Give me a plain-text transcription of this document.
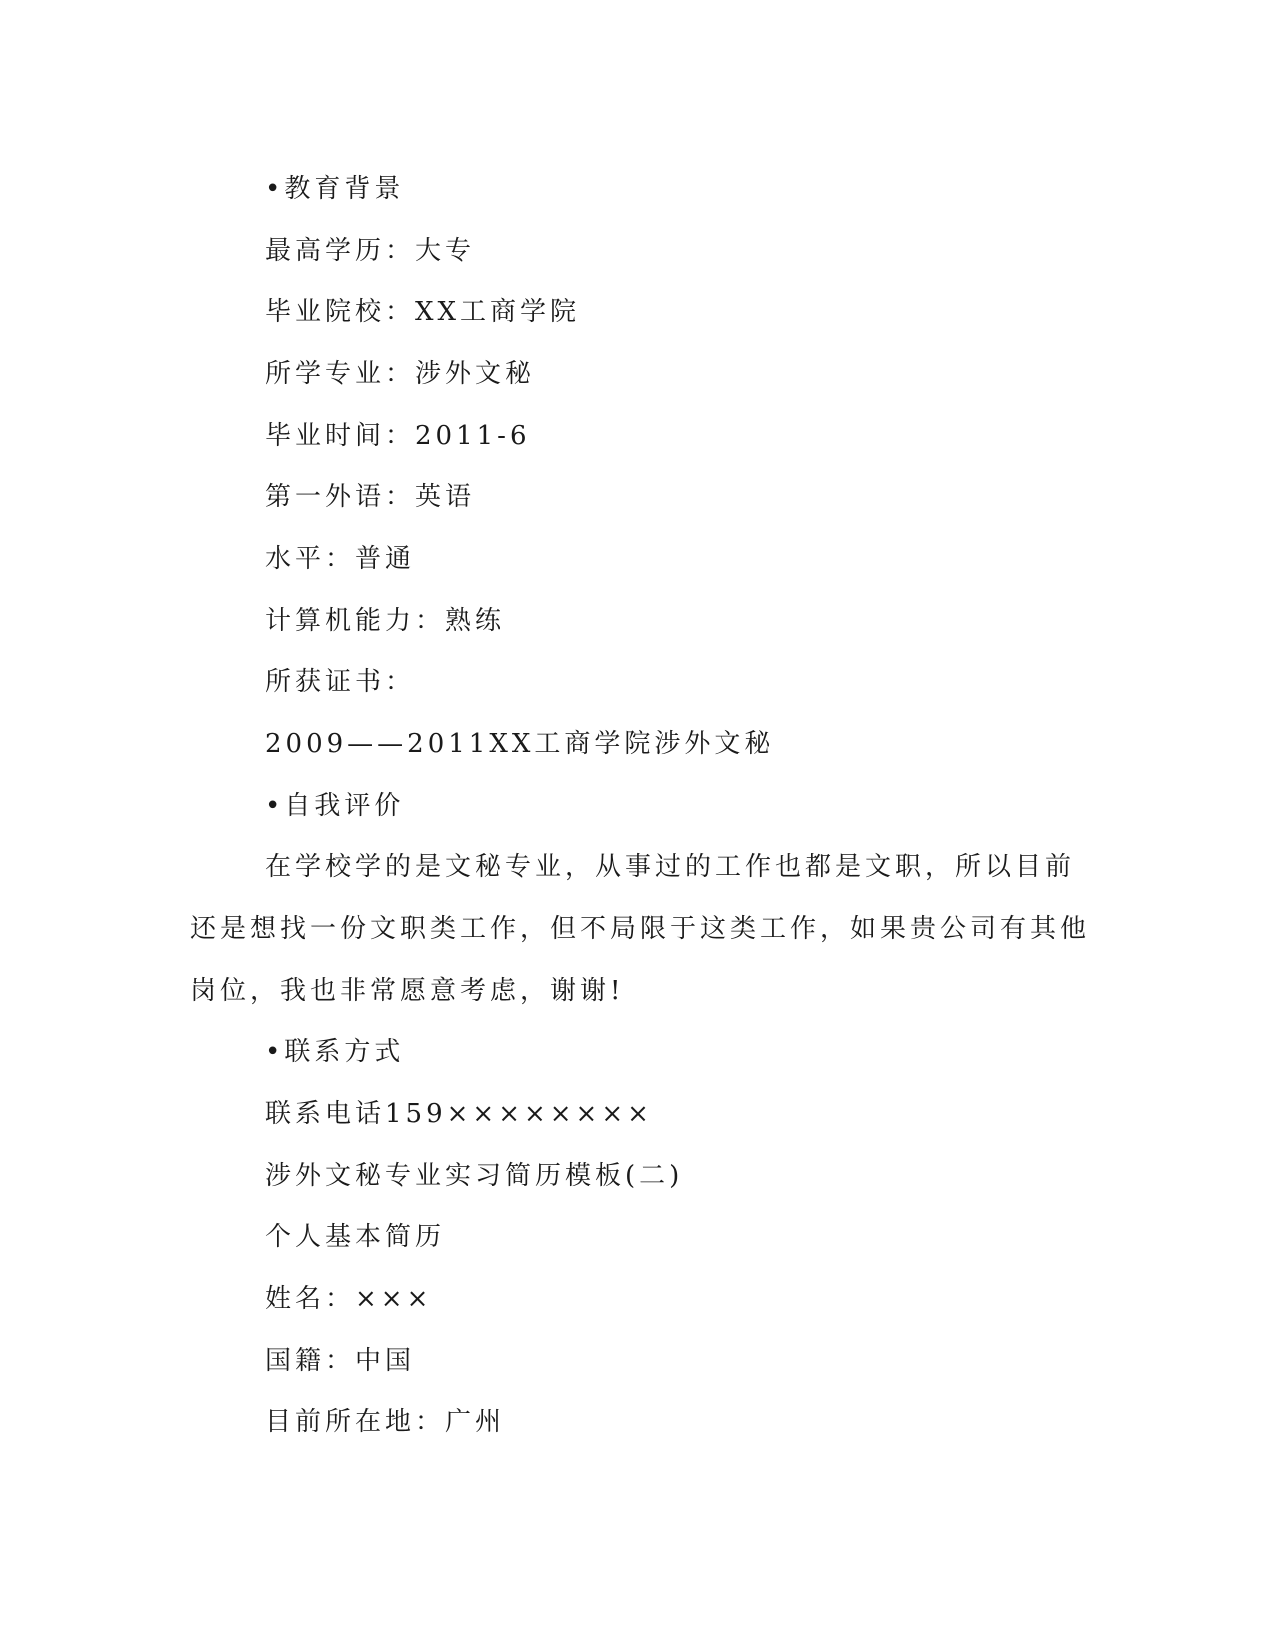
•教育背景
最高学历：大专
毕业院校：XX工商学院
所学专业：涉外文秘
毕业时间：2011-6
第一外语：英语
水平：普通
计算机能力：熟练
所获证书：
2009——2011XX工商学院涉外文秘
•自我评价

在学校学的是文秘专业，从事过的工作也都是文职，所以目前还是想找一份文职类工作，但不局限于这类工作，如果贵公司有其他岗位，我也非常愿意考虑，谢谢!

•联系方式
联系电话159××××××××
涉外文秘专业实习简历模板(二)
个人基本简历
姓名：×××
国籍：中国
目前所在地：广州
